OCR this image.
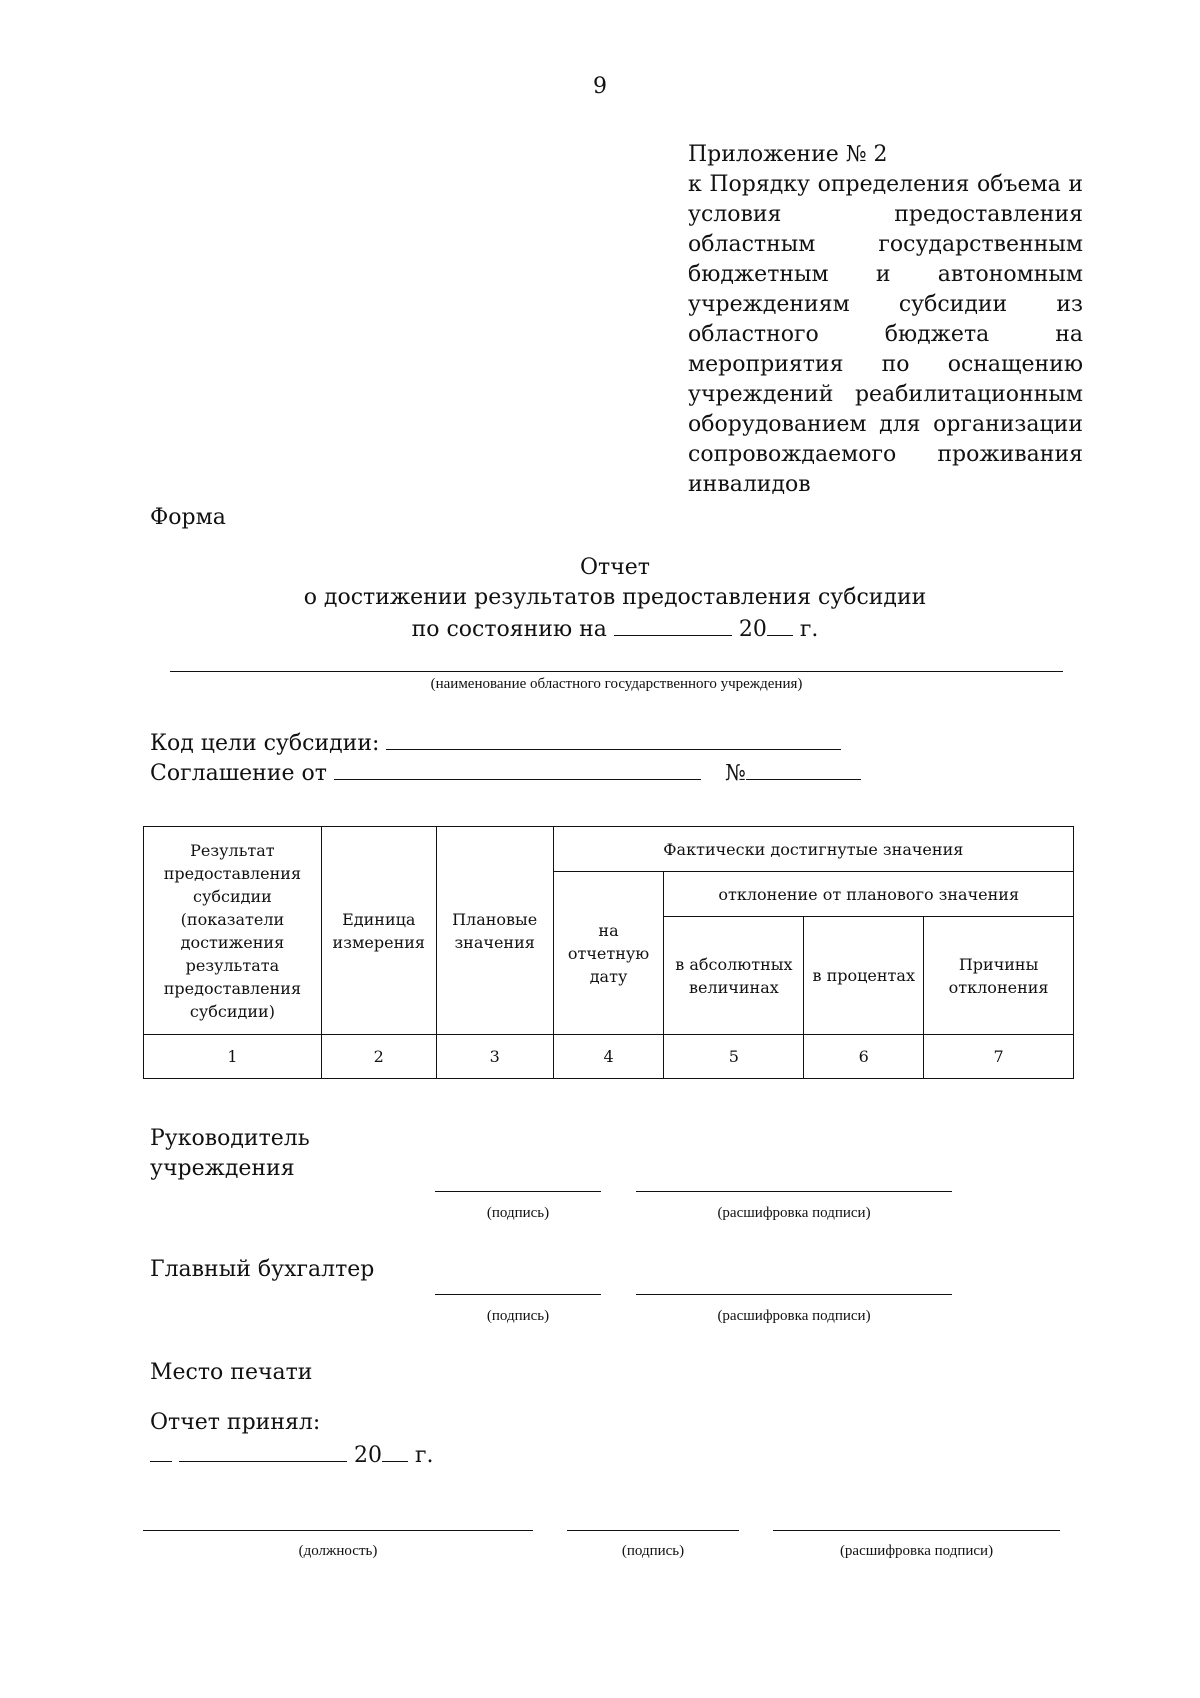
9
Приложение № 2
к Порядку определения объема и
условия предоставления
областным государственным
бюджетным и автономным
учреждениям субсидии из
областного бюджета на
мероприятия по оснащению
учреждений реабилитационным
оборудованием для организации
сопровождаемого проживания
инвалидов
Форма
Отчет
о достижении результатов предоставления субсидии
по состоянию на	20 г.
(наименование областного государственного учреждения)
Код цели субсидии:
Соглашение от	№
Результат предоставления субсидии (показатели достижения результата предоставления субсидии)	Единица измерения	Плановые значения	Фактически достигнутые значения			
			на отчетную дату	отклонение от планового значения		
				в абсолютных величинах	в процентах	Причины отклонения

1	2	3	4	5	6	7
Руководитель
учреждения
(подпись)	(расшифровка подписи)
Главный бухгалтер
(подпись)	(расшифровка подписи)
Место печати
Отчет принял:
20 г.
(должность)	(подпись)	(расшифровка подписи)
